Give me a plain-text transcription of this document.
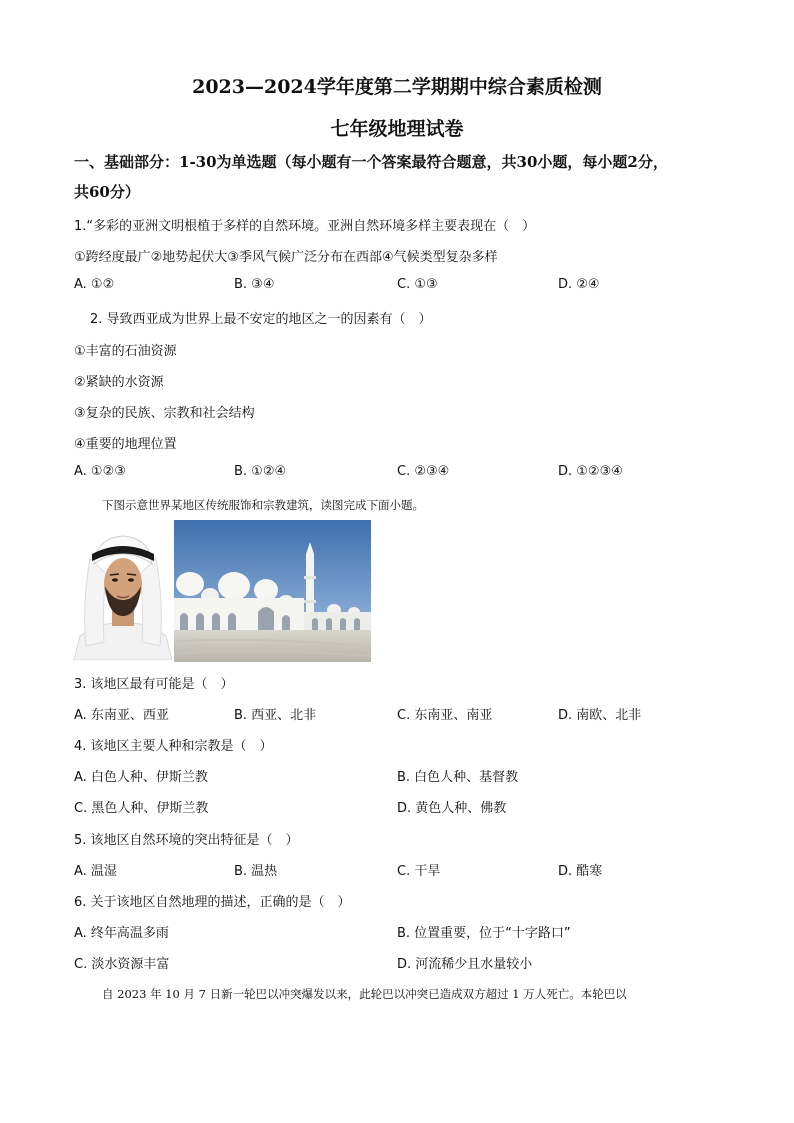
2023—2024学年度第二学期期中综合素质检测
七年级地理试卷
一、基础部分：1-30为单选题（每小题有一个答案最符合题意，共30小题，每小题2分，
共60分）
1.“多彩的亚洲文明根植于多样的自然环境。亚洲自然环境多样主要表现在（　）
①跨经度最广②地势起伏大③季风气候广泛分布在西部④气候类型复杂多样
A. ①②	B. ③④	C. ①③	D. ②④
2. 导致西亚成为世界上最不安定的地区之一的因素有（　）
①丰富的石油资源
②紧缺的水资源
③复杂的民族、宗教和社会结构
④重要的地理位置
A. ①②③	B. ①②④	C. ②③④	D. ①②③④
下图示意世界某地区传统服饰和宗教建筑，读图完成下面小题。
3. 该地区最有可能是（　）
A. 东南亚、西亚	B. 西亚、北非	C. 东南亚、南亚	D. 南欧、北非
4. 该地区主要人种和宗教是（　）
A. 白色人种、伊斯兰教	B. 白色人种、基督教
C. 黑色人种、伊斯兰教	D. 黄色人种、佛教
5. 该地区自然环境的突出特征是（　）
A. 温湿	B. 温热	C. 干旱	D. 酷寒
6. 关于该地区自然地理的描述，正确的是（　）
A. 终年高温多雨	B. 位置重要，位于“十字路口”
C. 淡水资源丰富	D. 河流稀少且水量较小
自 2023 年 10 月 7 日新一轮巴以冲突爆发以来，此轮巴以冲突已造成双方超过 1 万人死亡。本轮巴以
